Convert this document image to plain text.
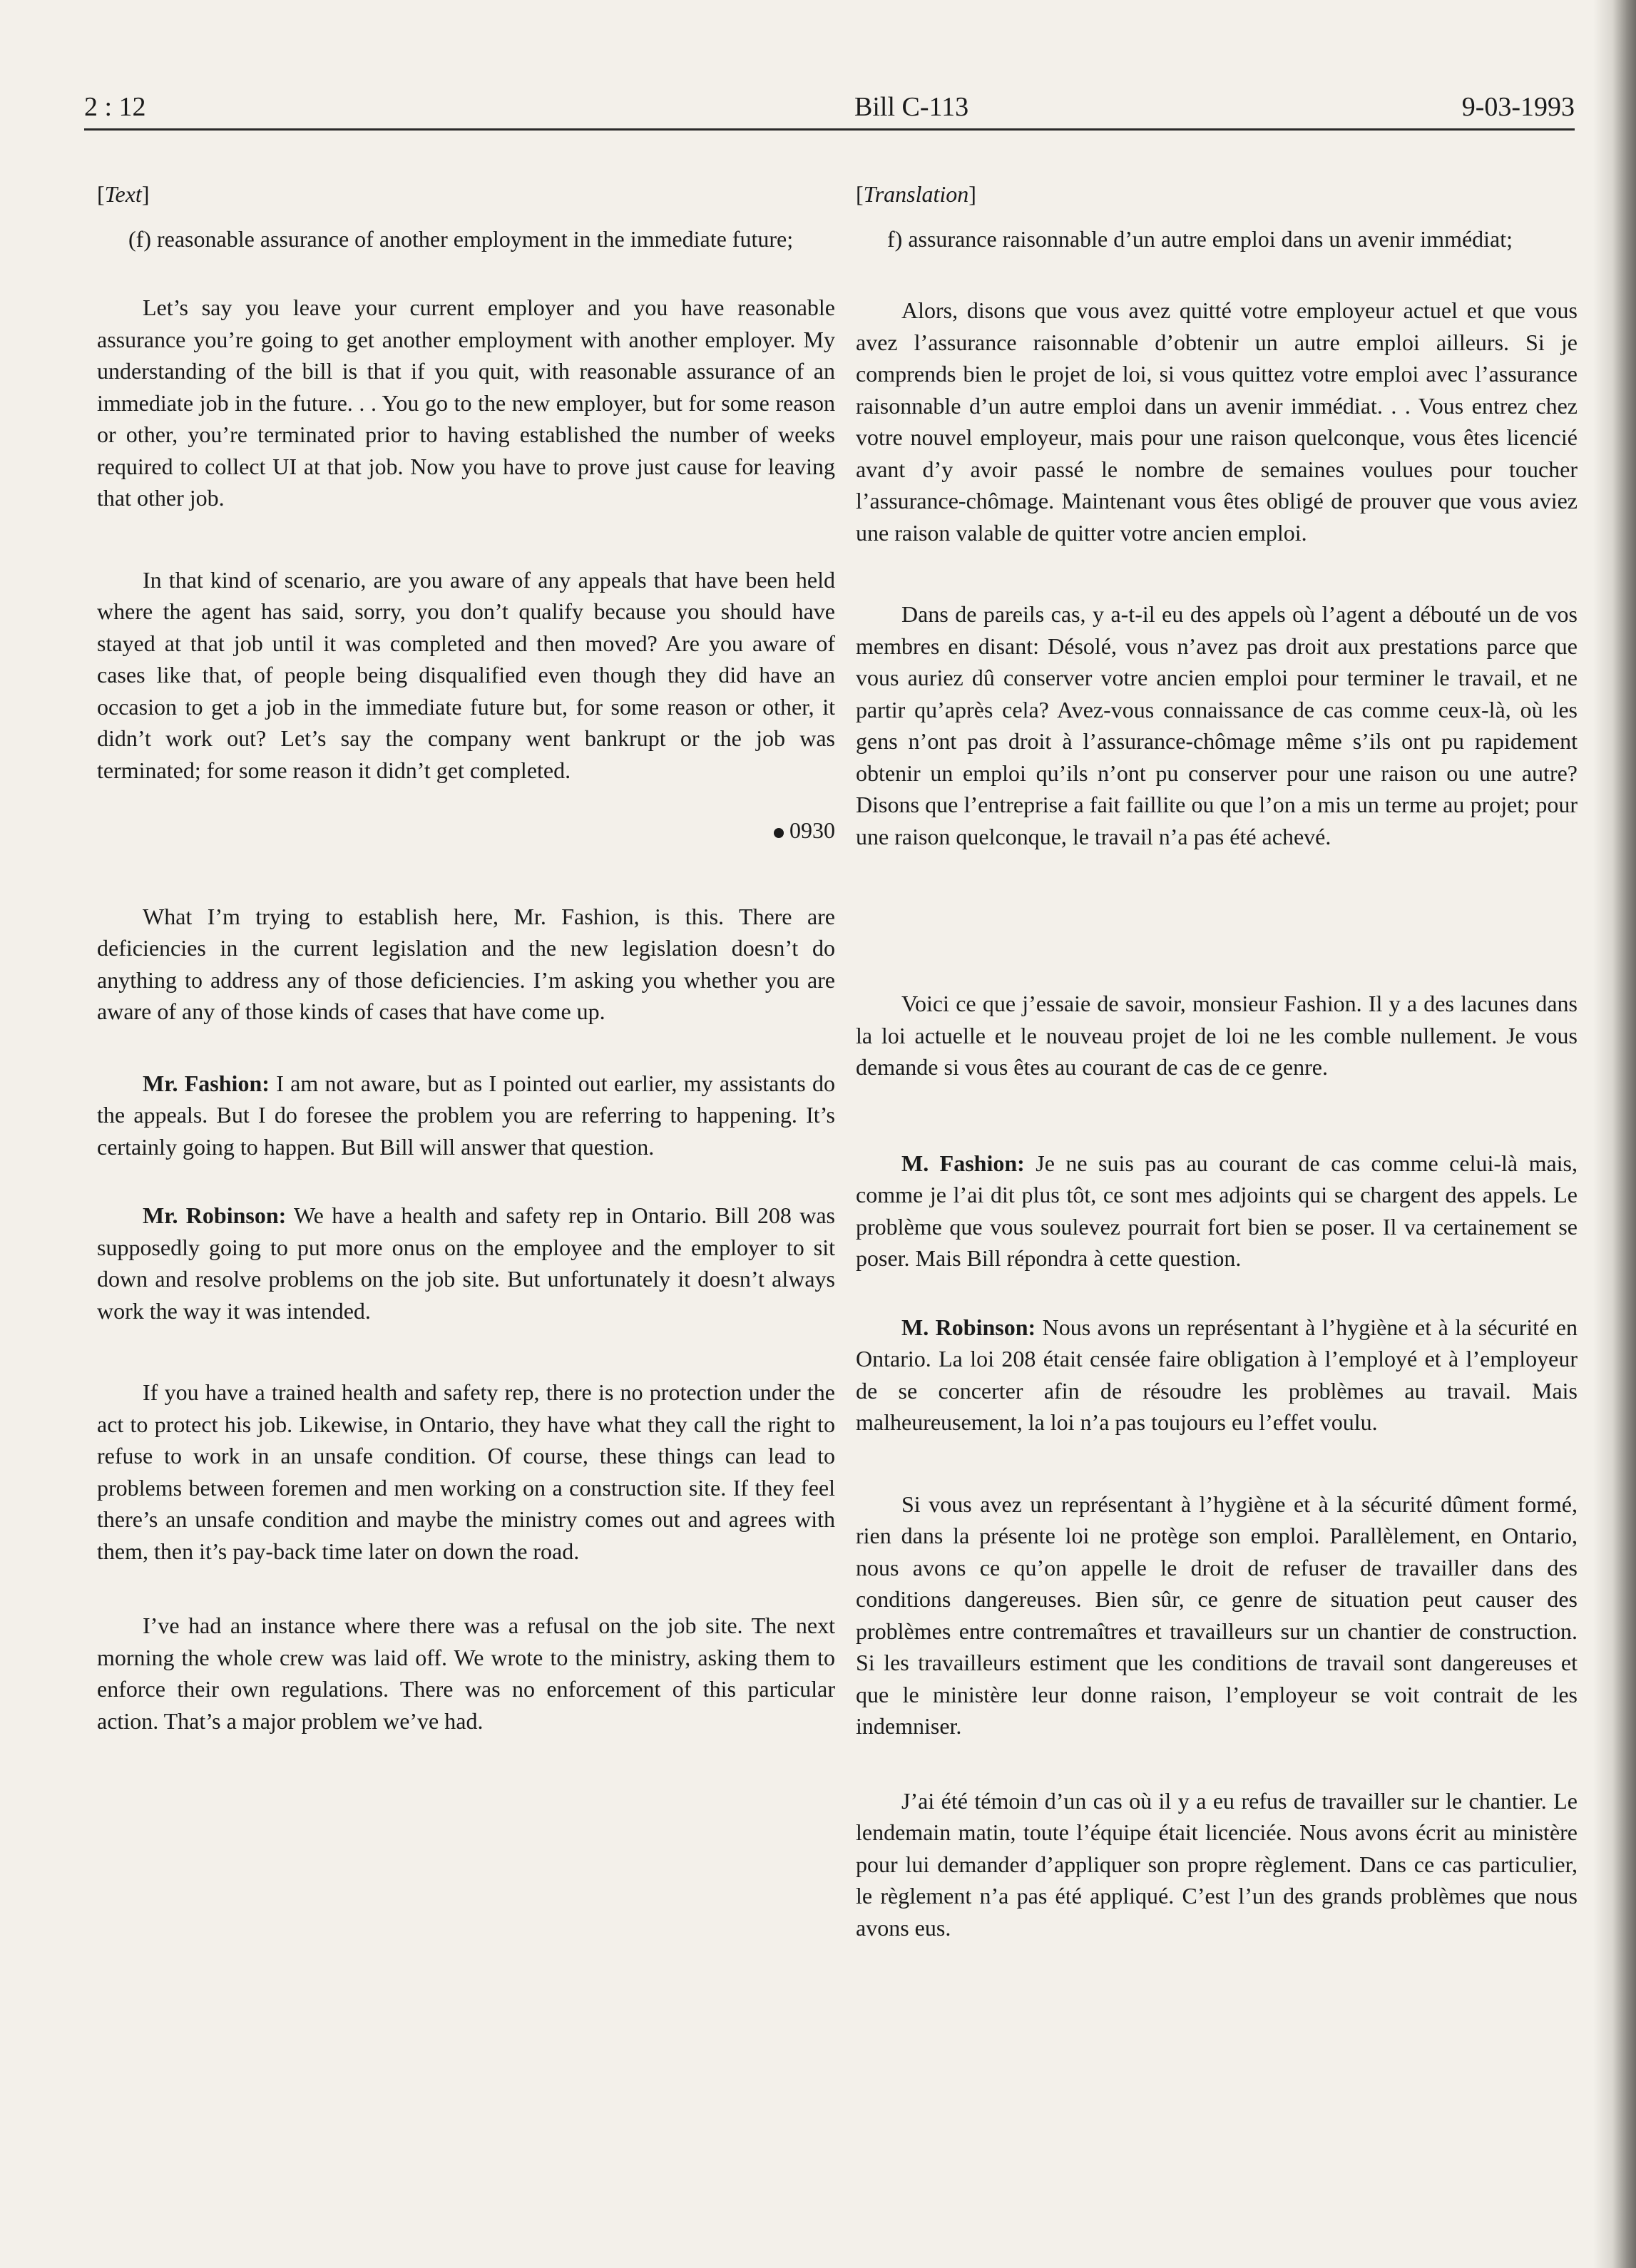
2 : 12	Bill C-113	9-03-1993
[Text]

(f) reasonable assurance of another employment in the immediate future;

Let’s say you leave your current employer and you have reasonable assurance you’re going to get another employment with another employer. My understanding of the bill is that if you quit, with reasonable assurance of an immediate job in the future. . . You go to the new employer, but for some reason or other, you’re terminated prior to having established the number of weeks required to collect UI at that job. Now you have to prove just cause for leaving that other job.

In that kind of scenario, are you aware of any appeals that have been held where the agent has said, sorry, you don’t qualify because you should have stayed at that job until it was completed and then moved? Are you aware of cases like that, of people being disqualified even though they did have an occasion to get a job in the immediate future but, for some reason or other, it didn’t work out? Let’s say the company went bankrupt or the job was terminated; for some reason it didn’t get completed.

0930

What I’m trying to establish here, Mr. Fashion, is this. There are deficiencies in the current legislation and the new legislation doesn’t do anything to address any of those deficiencies. I’m asking you whether you are aware of any of those kinds of cases that have come up.

Mr. Fashion: I am not aware, but as I pointed out earlier, my assistants do the appeals. But I do foresee the problem you are referring to happening. It’s certainly going to happen. But Bill will answer that question.

Mr. Robinson: We have a health and safety rep in Ontario. Bill 208 was supposedly going to put more onus on the employee and the employer to sit down and resolve problems on the job site. But unfortunately it doesn’t always work the way it was intended.

If you have a trained health and safety rep, there is no protection under the act to protect his job. Likewise, in Ontario, they have what they call the right to refuse to work in an unsafe condition. Of course, these things can lead to problems between foremen and men working on a construction site. If they feel there’s an unsafe condition and maybe the ministry comes out and agrees with them, then it’s pay-back time later on down the road.

I’ve had an instance where there was a refusal on the job site. The next morning the whole crew was laid off. We wrote to the ministry, asking them to enforce their own regulations. There was no enforcement of this particular action. That’s a major problem we’ve had.

[Translation]

f) assurance raisonnable d’un autre emploi dans un avenir immédiat;

Alors, disons que vous avez quitté votre employeur actuel et que vous avez l’assurance raisonnable d’obtenir un autre emploi ailleurs. Si je comprends bien le projet de loi, si vous quittez votre emploi avec l’assurance raisonnable d’un autre emploi dans un avenir immédiat. . . Vous entrez chez votre nouvel employeur, mais pour une raison quelconque, vous êtes licencié avant d’y avoir passé le nombre de semaines voulues pour toucher l’assurance-chômage. Maintenant vous êtes obligé de prouver que vous aviez une raison valable de quitter votre ancien emploi.

Dans de pareils cas, y a-t-il eu des appels où l’agent a débouté un de vos membres en disant: Désolé, vous n’avez pas droit aux prestations parce que vous auriez dû conserver votre ancien emploi pour terminer le travail, et ne partir qu’après cela? Avez-vous connaissance de cas comme ceux-là, où les gens n’ont pas droit à l’assurance-chômage même s’ils ont pu rapidement obtenir un emploi qu’ils n’ont pu conserver pour une raison ou une autre? Disons que l’entreprise a fait faillite ou que l’on a mis un terme au projet; pour une raison quelconque, le travail n’a pas été achevé.

Voici ce que j’essaie de savoir, monsieur Fashion. Il y a des lacunes dans la loi actuelle et le nouveau projet de loi ne les comble nullement. Je vous demande si vous êtes au courant de cas de ce genre.

M. Fashion: Je ne suis pas au courant de cas comme celui-là mais, comme je l’ai dit plus tôt, ce sont mes adjoints qui se chargent des appels. Le problème que vous soulevez pourrait fort bien se poser. Il va certainement se poser. Mais Bill répondra à cette question.

M. Robinson: Nous avons un représentant à l’hygiène et à la sécurité en Ontario. La loi 208 était censée faire obligation à l’employé et à l’employeur de se concerter afin de résoudre les problèmes au travail. Mais malheureusement, la loi n’a pas toujours eu l’effet voulu.

Si vous avez un représentant à l’hygiène et à la sécurité dûment formé, rien dans la présente loi ne protège son emploi. Parallèlement, en Ontario, nous avons ce qu’on appelle le droit de refuser de travailler dans des conditions dangereuses. Bien sûr, ce genre de situation peut causer des problèmes entre contremaîtres et travailleurs sur un chantier de construction. Si les travailleurs estiment que les conditions de travail sont dangereuses et que le ministère leur donne raison, l’employeur se voit contrait de les indemniser.

J’ai été témoin d’un cas où il y a eu refus de travailler sur le chantier. Le lendemain matin, toute l’équipe était licenciée. Nous avons écrit au ministère pour lui demander d’appliquer son propre règlement. Dans ce cas particulier, le règlement n’a pas été appliqué. C’est l’un des grands problèmes que nous avons eus.
